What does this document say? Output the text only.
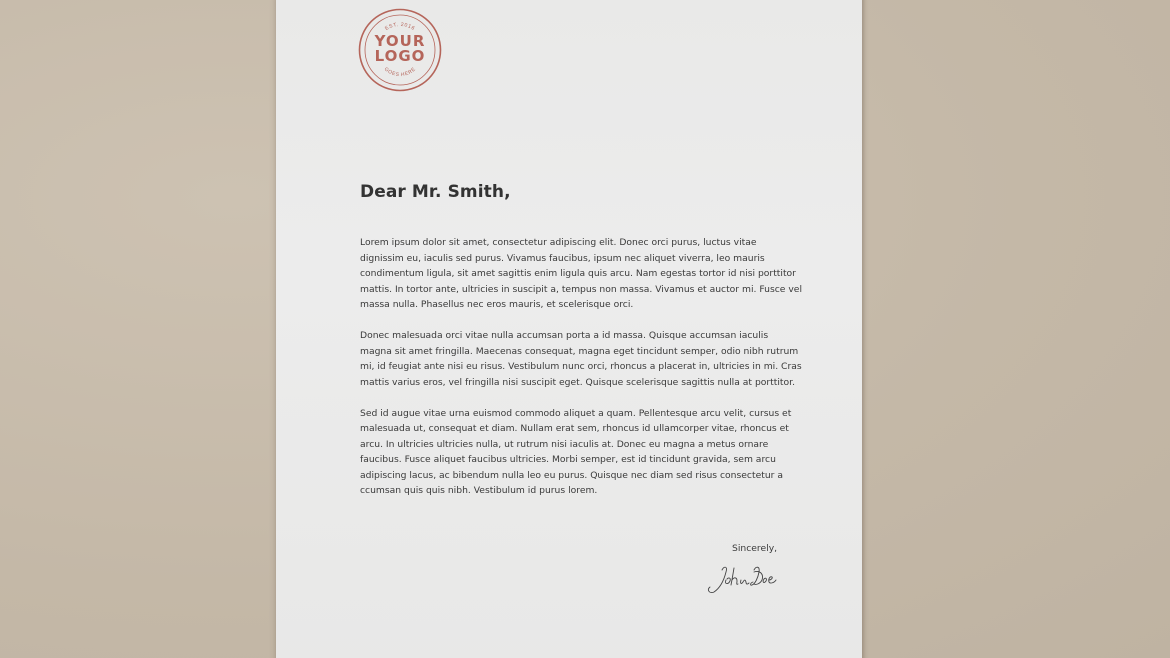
EST. 2016
YOUR
LOGO
GOES HERE
Dear Mr. Smith,

Lorem ipsum dolor sit amet, consectetur adipiscing elit. Donec orci purus, luctus vitae dignissim eu, iaculis sed purus. Vivamus faucibus, ipsum nec aliquet viverra, leo mauris condimentum ligula, sit amet sagittis enim ligula quis arcu. Nam egestas tortor id nisi porttitor mattis. In tortor ante, ultricies in suscipit a, tempus non massa. Vivamus et auctor mi. Fusce vel massa nulla. Phasellus nec eros mauris, et scelerisque orci.

Donec malesuada orci vitae nulla accumsan porta a id massa. Quisque accumsan iaculis magna sit amet fringilla. Maecenas consequat, magna eget tincidunt semper, odio nibh rutrum mi, id feugiat ante nisi eu risus. Vestibulum nunc orci, rhoncus a placerat in, ultricies in mi. Cras mattis varius eros, vel fringilla nisi suscipit eget. Quisque scelerisque sagittis nulla at porttitor.

Sed id augue vitae urna euismod commodo aliquet a quam. Pellentesque arcu velit, cursus et malesuada ut, consequat et diam. Nullam erat sem, rhoncus id ullamcorper vitae, rhoncus et arcu. In ultricies ultricies nulla, ut rutrum nisi iaculis at. Donec eu magna a metus ornare faucibus. Fusce aliquet faucibus ultricies. Morbi semper, est id tincidunt gravida, sem arcu adipiscing lacus, ac bibendum nulla leo eu purus. Quisque nec diam sed risus consectetur a ccumsan quis quis nibh. Vestibulum id purus lorem.

Sincerely,
